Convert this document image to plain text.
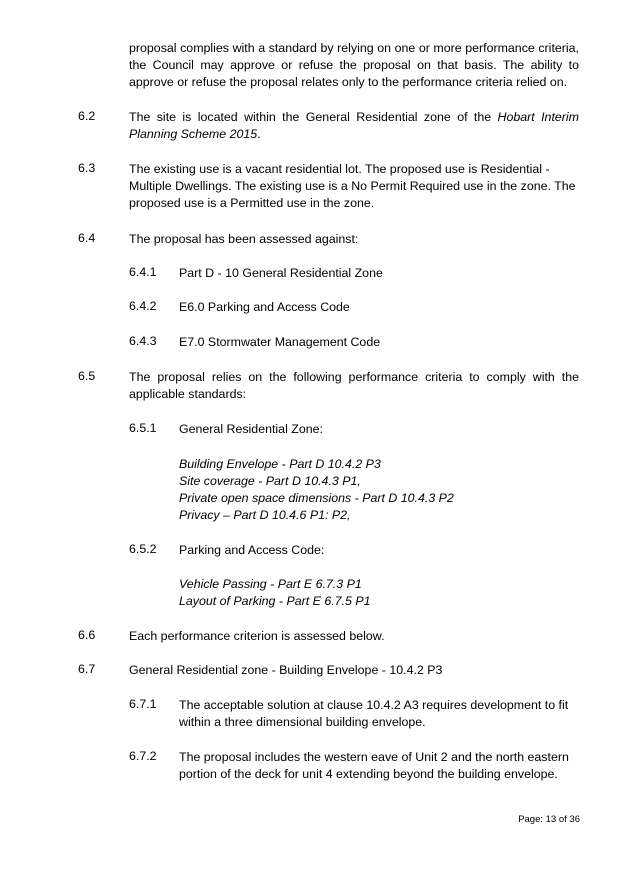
proposal complies with a standard by relying on one or more performance criteria, the Council may approve or refuse the proposal on that basis. The ability to approve or refuse the proposal relates only to the performance criteria relied on.
6.2	The site is located within the General Residential zone of the Hobart Interim Planning Scheme 2015.
6.3	The existing use is a vacant residential lot. The proposed use is Residential - Multiple Dwellings. The existing use is a No Permit Required use in the zone. The proposed use is a Permitted use in the zone.
6.4	The proposal has been assessed against:
6.4.1 Part D - 10 General Residential Zone
6.4.2 E6.0 Parking and Access Code
6.4.3 E7.0 Stormwater Management Code
6.5	The proposal relies on the following performance criteria to comply with the applicable standards:
6.5.1 General Residential Zone:
Building Envelope - Part D 10.4.2 P3
Site coverage - Part D 10.4.3 P1,
Private open space dimensions - Part D 10.4.3 P2
Privacy – Part D 10.4.6 P1: P2,
6.5.2 Parking and Access Code:
Vehicle Passing - Part E 6.7.3 P1
Layout of Parking - Part E 6.7.5 P1
6.6	Each performance criterion is assessed below.
6.7	General Residential zone - Building Envelope - 10.4.2 P3
6.7.1 The acceptable solution at clause 10.4.2 A3 requires development to fit within a three dimensional building envelope.
6.7.2 The proposal includes the western eave of Unit 2 and the north eastern portion of the deck for unit 4 extending beyond the building envelope.
Page: 13 of 36
